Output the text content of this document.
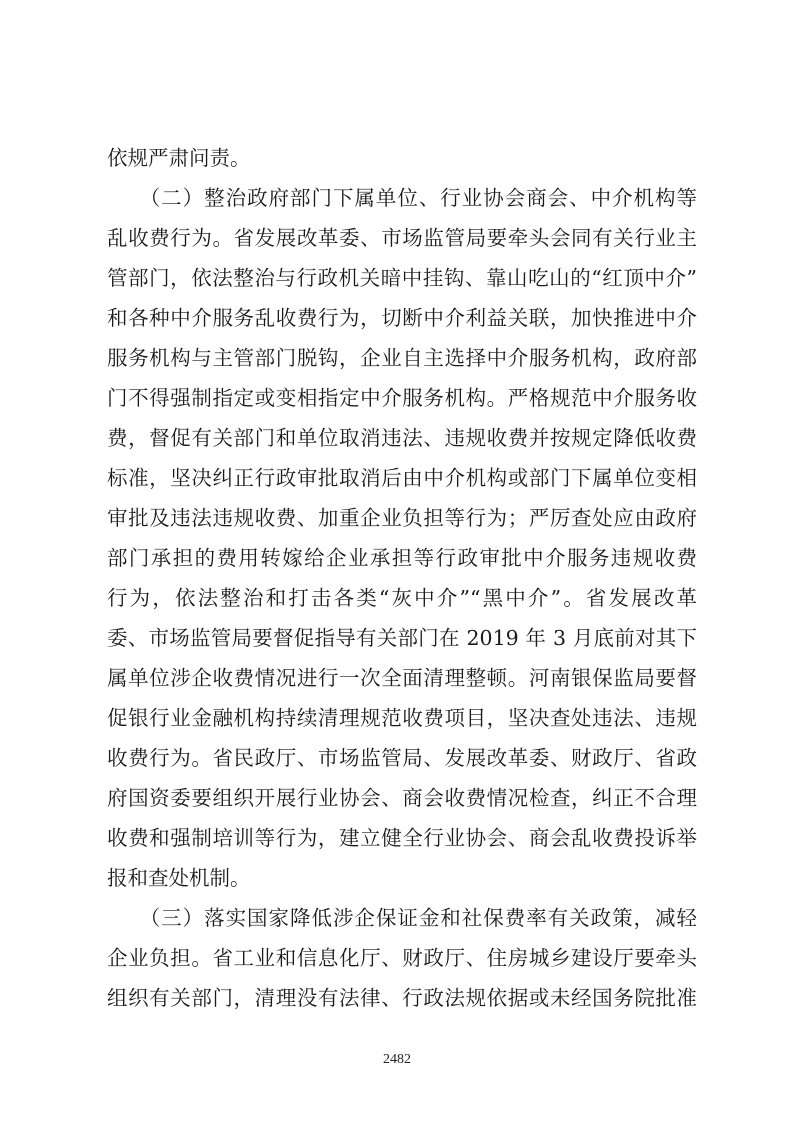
依规严肃问责。
　　（二）整治政府部门下属单位、行业协会商会、中介机构等
乱收费行为。省发展改革委、市场监管局要牵头会同有关行业主
管部门，依法整治与行政机关暗中挂钩、靠山吃山的“红顶中介”
和各种中介服务乱收费行为，切断中介利益关联，加快推进中介
服务机构与主管部门脱钩，企业自主选择中介服务机构，政府部
门不得强制指定或变相指定中介服务机构。严格规范中介服务收
费，督促有关部门和单位取消违法、违规收费并按规定降低收费
标准，坚决纠正行政审批取消后由中介机构或部门下属单位变相
审批及违法违规收费、加重企业负担等行为；严厉查处应由政府
部门承担的费用转嫁给企业承担等行政审批中介服务违规收费
行为，依法整治和打击各类“灰中介”“黑中介”。省发展改革
委、市场监管局要督促指导有关部门在 2019 年 3 月底前对其下
属单位涉企收费情况进行一次全面清理整顿。河南银保监局要督
促银行业金融机构持续清理规范收费项目，坚决查处违法、违规
收费行为。省民政厅、市场监管局、发展改革委、财政厅、省政
府国资委要组织开展行业协会、商会收费情况检查，纠正不合理
收费和强制培训等行为，建立健全行业协会、商会乱收费投诉举
报和查处机制。
　　（三）落实国家降低涉企保证金和社保费率有关政策，减轻
2482
企业负担。省工业和信息化厅、财政厅、住房城乡建设厅要牵头
组织有关部门，清理没有法律、行政法规依据或未经国务院批准
